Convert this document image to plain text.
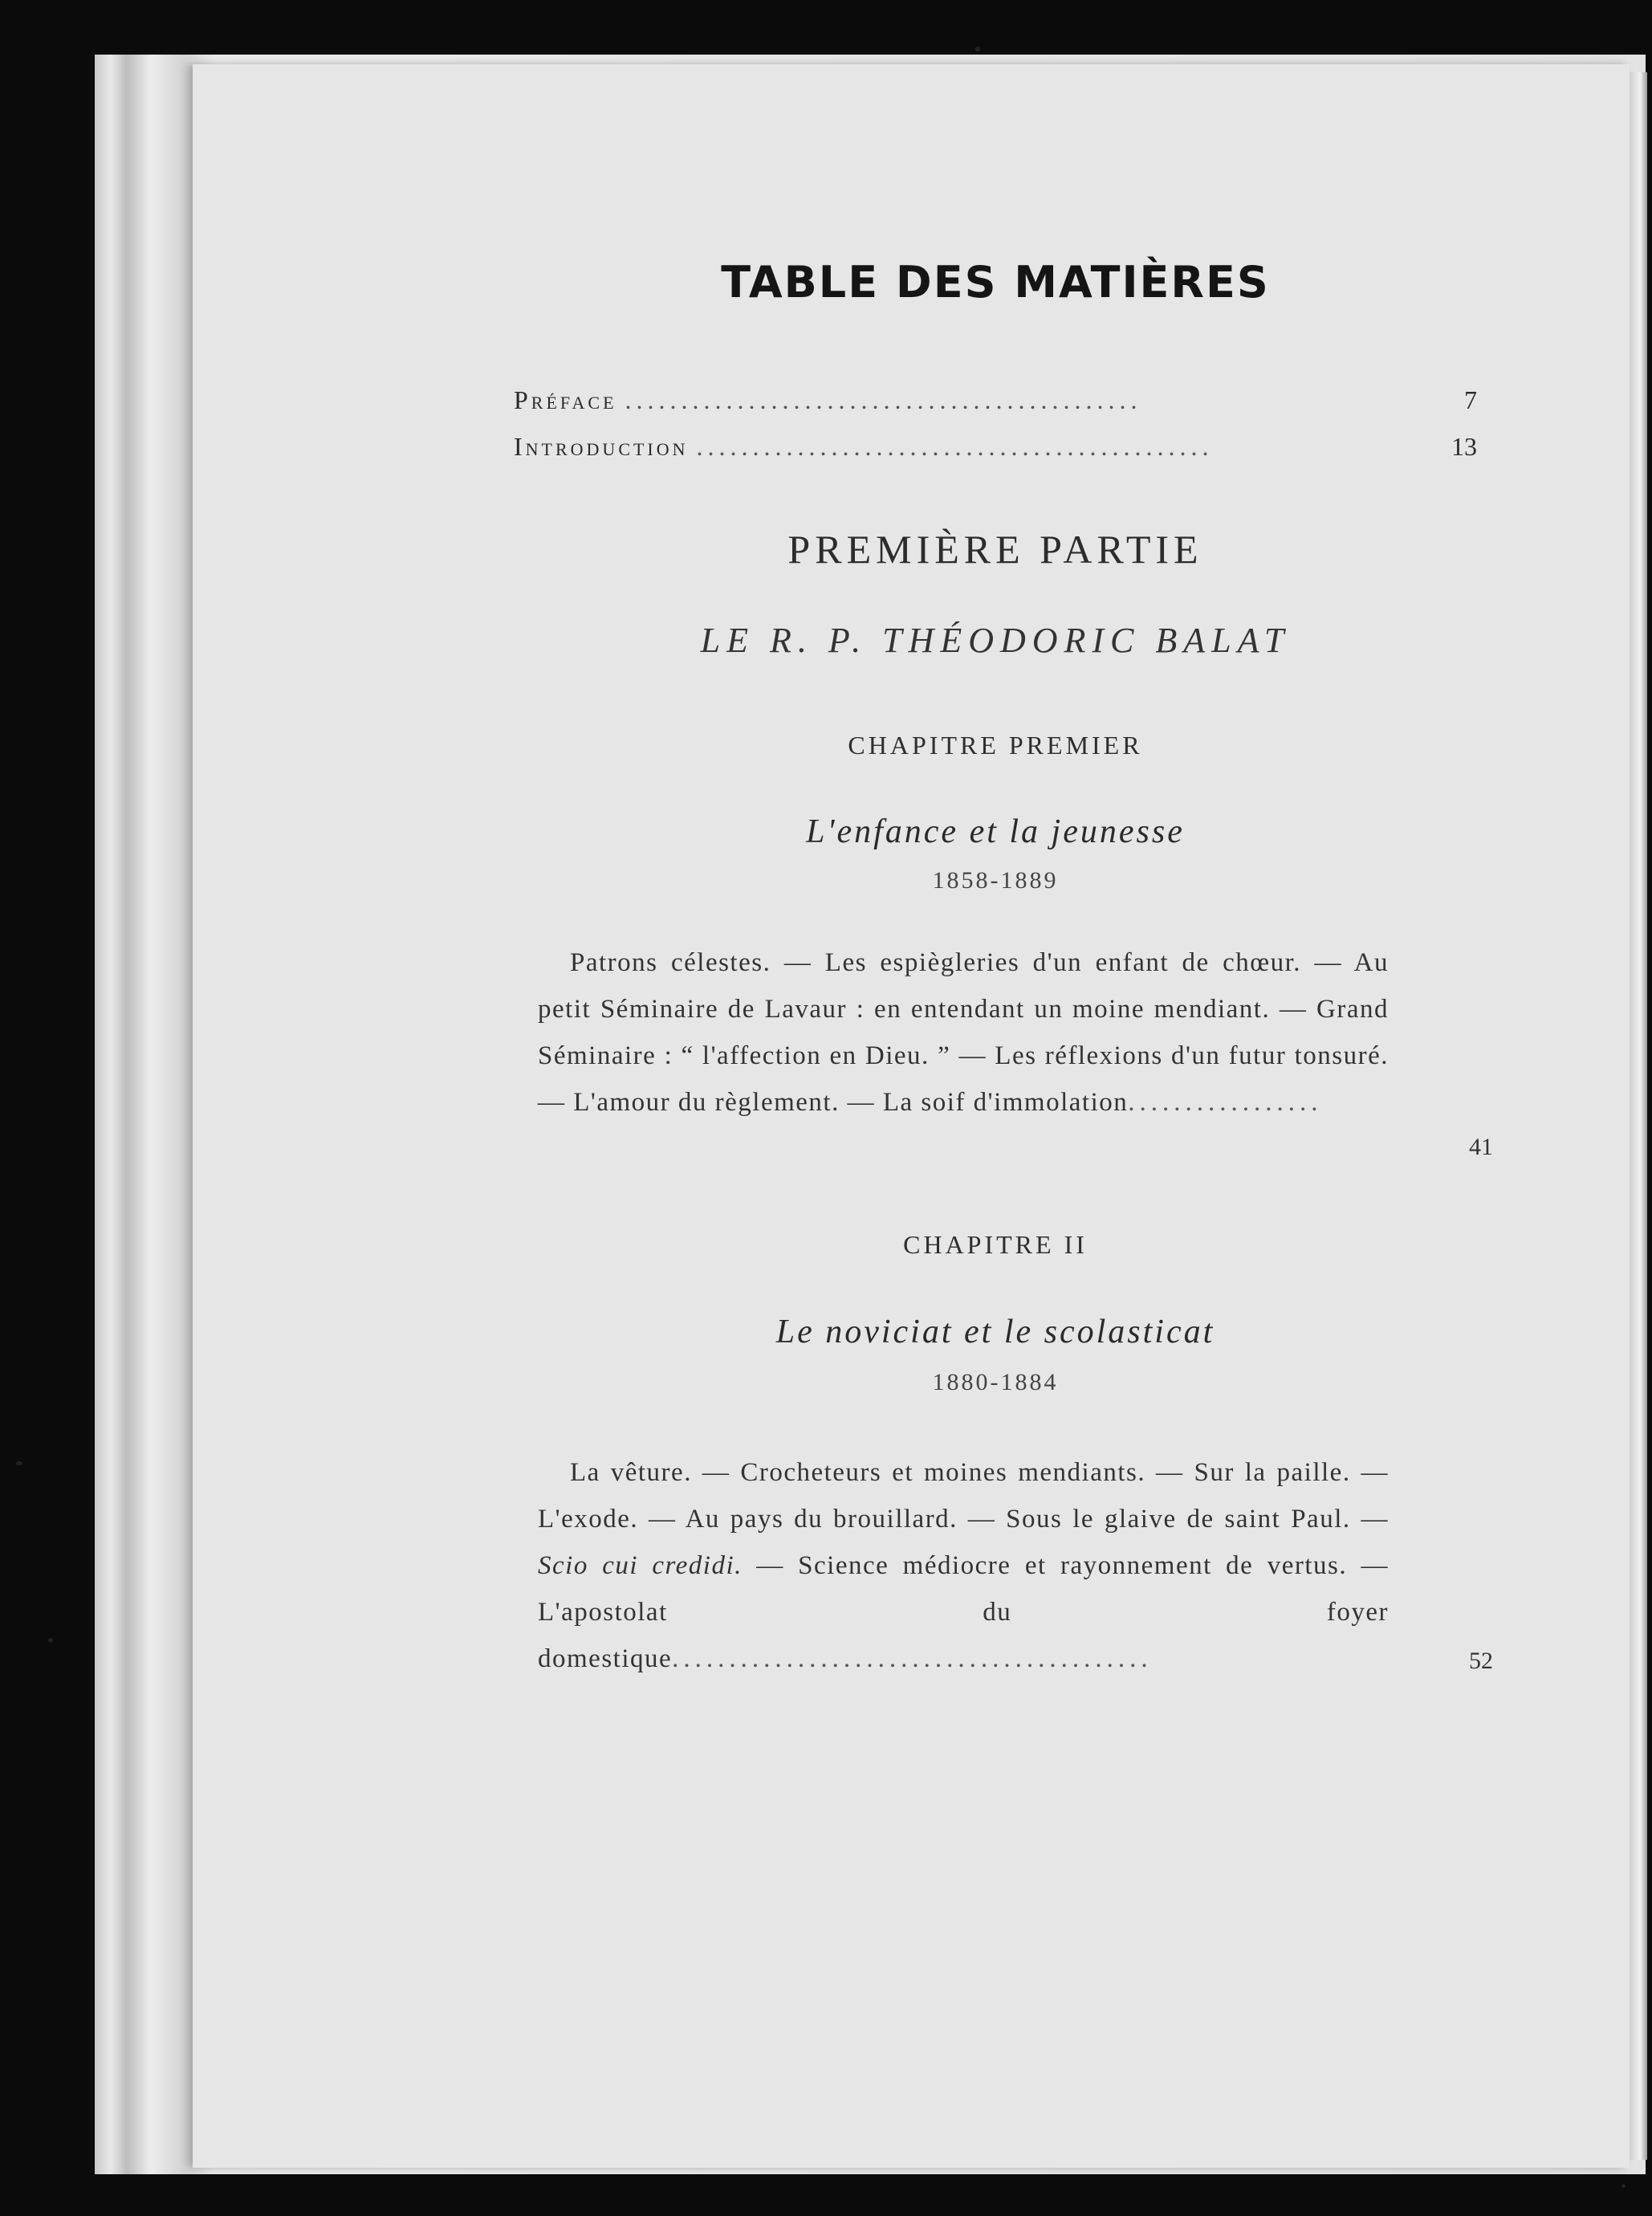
TABLE DES MATIÈRES
Préface ..............................................	7
Introduction ..............................................	13
PREMIÈRE PARTIE
LE R. P. THÉODORIC BALAT
CHAPITRE PREMIER
L'enfance et la jeunesse
1858-1889
Patrons célestes. — Les espiègleries d'un enfant de chœur. — Au petit Séminaire de Lavaur : en entendant un moine mendiant. — Grand Séminaire : “ l'affection en Dieu. ” — Les réflexions d'un futur tonsuré. — L'amour du règlement. — La soif d'immolation.................
41
CHAPITRE II
Le noviciat et le scolasticat
1880-1884
La vêture. — Crocheteurs et moines mendiants. — Sur la paille. — L'exode. — Au pays du brouillard. — Sous le glaive de saint Paul. — Scio cui credidi. — Science médiocre et rayonnement de vertus. — L'apostolat du foyer domestique..........................................	52
